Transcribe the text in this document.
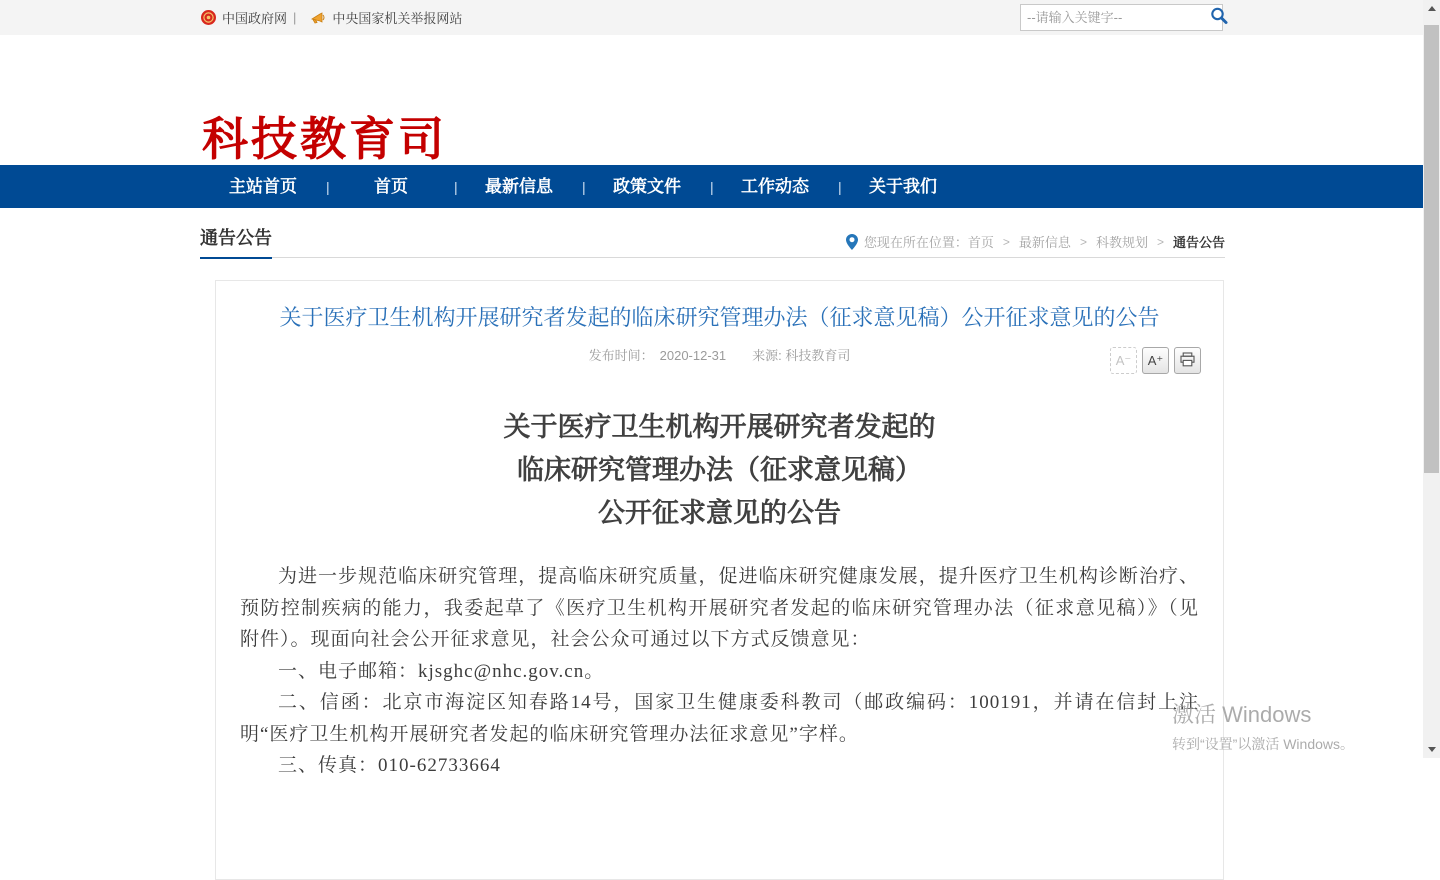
中国政府网 |	中央国家机关举报网站
--请输入关键字--
科技教育司
主站首页	|	首页	|	最新信息	|	政策文件	|	工作动态	|	关于我们
通告公告	您现在所在位置： 首页 > 最新信息 > 科教规划 > 通告公告
关于医疗卫生机构开展研究者发起的临床研究管理办法（征求意见稿）公开征求意见的公告
发布时间： 2020-12-31 来源: 科技教育司	A⁻	A⁺
关于医疗卫生机构开展研究者发起的
临床研究管理办法（征求意见稿）
公开征求意见的公告

为进一步规范临床研究管理，提高临床研究质量，促进临床研究健康发展，提升医疗卫生机构诊断治疗、预防控制疾病的能力，我委起草了《医疗卫生机构开展研究者发起的临床研究管理办法（征求意见稿）》（见附件）。现面向社会公开征求意见，社会公众可通过以下方式反馈意见：

一、电子邮箱：kjsghc@nhc.gov.cn。

二、信函：北京市海淀区知春路14号，国家卫生健康委科教司（邮政编码：100191，并请在信封上注明“医疗卫生机构开展研究者发起的临床研究管理办法征求意见”字样。

三、传真：010-62733664

激活 Windows
转到“设置”以激活 Windows。
